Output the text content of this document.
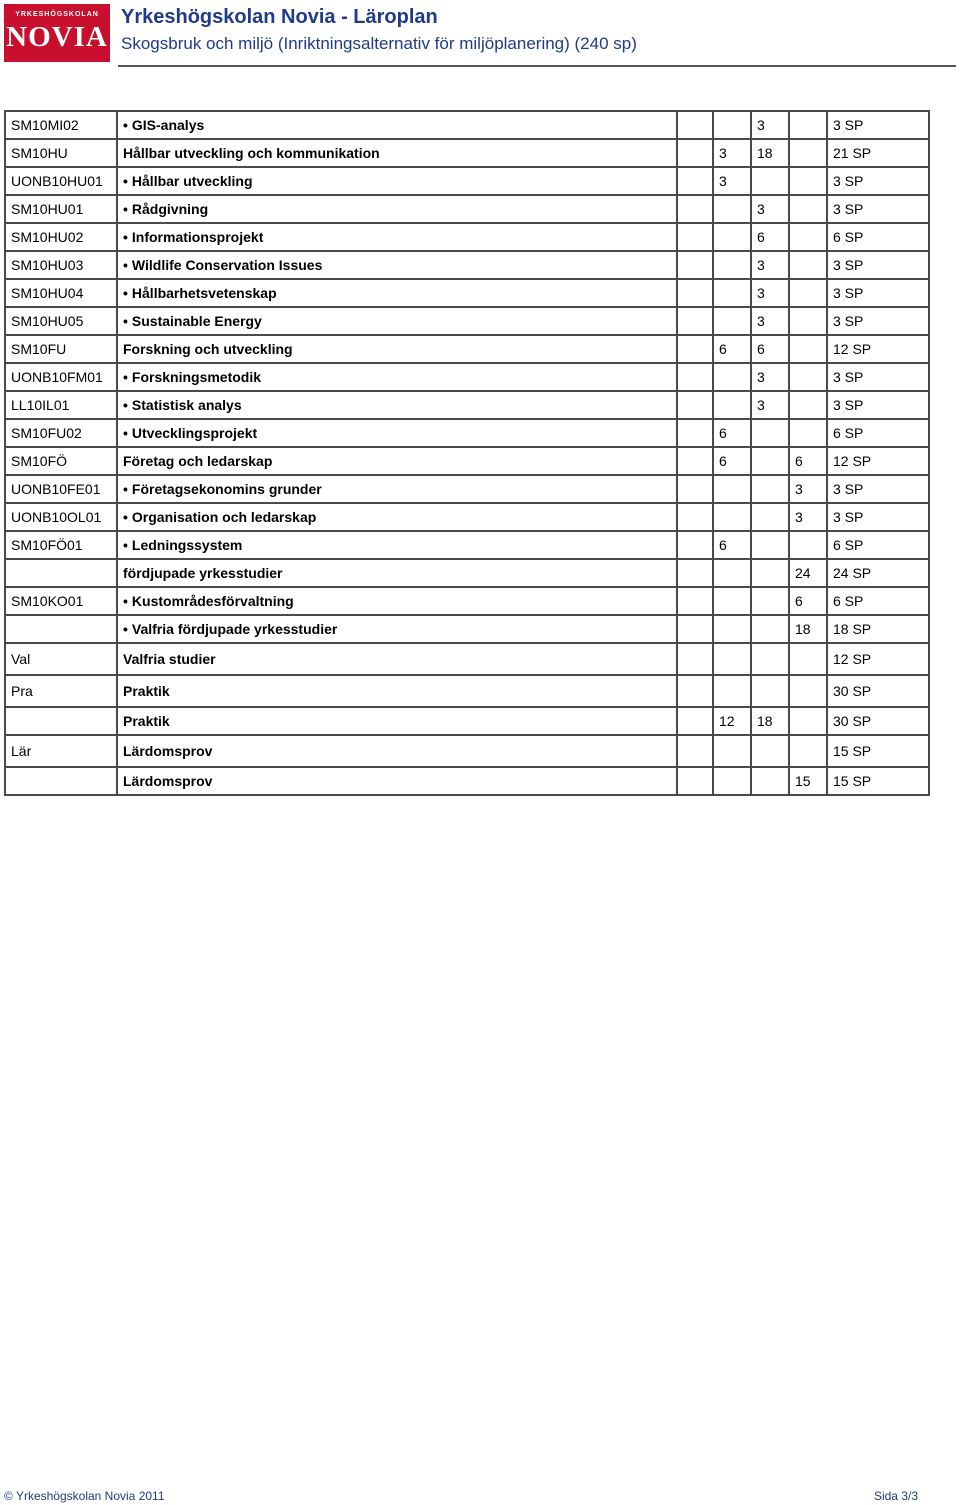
YRKESHÖGSKOLAN
NOVIA
Yrkeshögskolan Novia - Läroplan
Skogsbruk och miljö (Inriktningsalternativ för miljöplanering) (240 sp)
SM10MI02	• GIS-analys			3		3 SP
SM10HU	Hållbar utveckling och kommunikation		3	18		21 SP
UONB10HU01	• Hållbar utveckling		3			3 SP
SM10HU01	• Rådgivning			3		3 SP
SM10HU02	• Informationsprojekt			6		6 SP
SM10HU03	• Wildlife Conservation Issues			3		3 SP
SM10HU04	• Hållbarhetsvetenskap			3		3 SP
SM10HU05	• Sustainable Energy			3		3 SP
SM10FU	Forskning och utveckling		6	6		12 SP
UONB10FM01	• Forskningsmetodik			3		3 SP
LL10IL01	• Statistisk analys			3		3 SP
SM10FU02	• Utvecklingsprojekt		6			6 SP
SM10FÖ	Företag och ledarskap		6		6	12 SP
UONB10FE01	• Företagsekonomins grunder				3	3 SP
UONB10OL01	• Organisation och ledarskap				3	3 SP
SM10FÖ01	• Ledningssystem		6			6 SP
	fördjupade yrkesstudier				24	24 SP
SM10KO01	• Kustområdesförvaltning				6	6 SP
	• Valfria fördjupade yrkesstudier				18	18 SP
Val	Valfria studier					12 SP
Pra	Praktik					30 SP
	Praktik		12	18		30 SP
Lär	Lärdomsprov					15 SP
	Lärdomsprov				15	15 SP
© Yrkeshögskolan Novia 2011	Sida 3/3
